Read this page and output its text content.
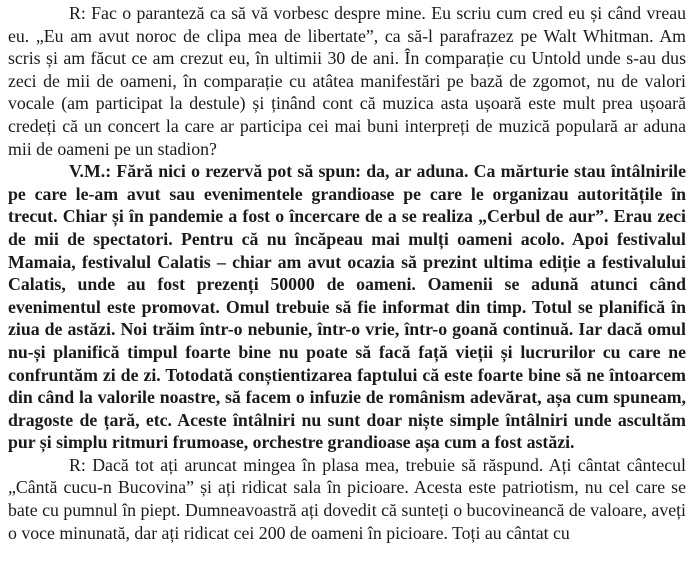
R: Fac o paranteză ca să vă vorbesc despre mine. Eu scriu cum cred eu și când vreau eu. „Eu am avut noroc de clipa mea de libertate”, ca să-l parafrazez pe Walt Whitman. Am scris și am făcut ce am crezut eu, în ultimii 30 de ani. În comparație cu Untold unde s-au dus zeci de mii de oameni, în comparație cu atâtea manifestări pe bază de zgomot, nu de valori vocale (am participat la destule) și ținând cont că muzica asta ușoară este mult prea ușoară credeți că un concert la care ar participa cei mai buni interpreți de muzică populară ar aduna mii de oameni pe un stadion?

V.M.: Fără nici o rezervă pot să spun: da, ar aduna. Ca mărturie stau întâlnirile pe care le-am avut sau evenimentele grandioase pe care le organizau autoritățile în trecut. Chiar și în pandemie a fost o încercare de a se realiza „Cerbul de aur”. Erau zeci de mii de spectatori. Pentru că nu încăpeau mai mulți oameni acolo. Apoi festivalul Mamaia, festivalul Calatis – chiar am avut ocazia să prezint ultima ediție a festivalului Calatis, unde au fost prezenți 50000 de oameni. Oamenii se adună atunci când evenimentul este promovat. Omul trebuie să fie informat din timp. Totul se planifică în ziua de astăzi. Noi trăim într-o nebunie, într-o vrie, într-o goană continuă. Iar dacă omul nu-și planifică timpul foarte bine nu poate să facă față vieții și lucrurilor cu care ne confruntăm zi de zi. Totodată conștientizarea faptului că este foarte bine să ne întoarcem din când la valorile noastre, să facem o infuzie de românism adevărat, așa cum spuneam, dragoste de țară, etc. Aceste întâlniri nu sunt doar niște simple întâlniri unde ascultăm pur și simplu ritmuri frumoase, orchestre grandioase așa cum a fost astăzi.

R: Dacă tot ați aruncat mingea în plasa mea, trebuie să răspund. Ați cântat cântecul „Cântă cucu-n Bucovina” și ați ridicat sala în picioare. Acesta este patriotism, nu cel care se bate cu pumnul în piept. Dumneavoastră ați dovedit că sunteți o bucovineancă de valoare, aveți o voce minunată, dar ați ridicat cei 200 de oameni în picioare. Toți au cântat cu
